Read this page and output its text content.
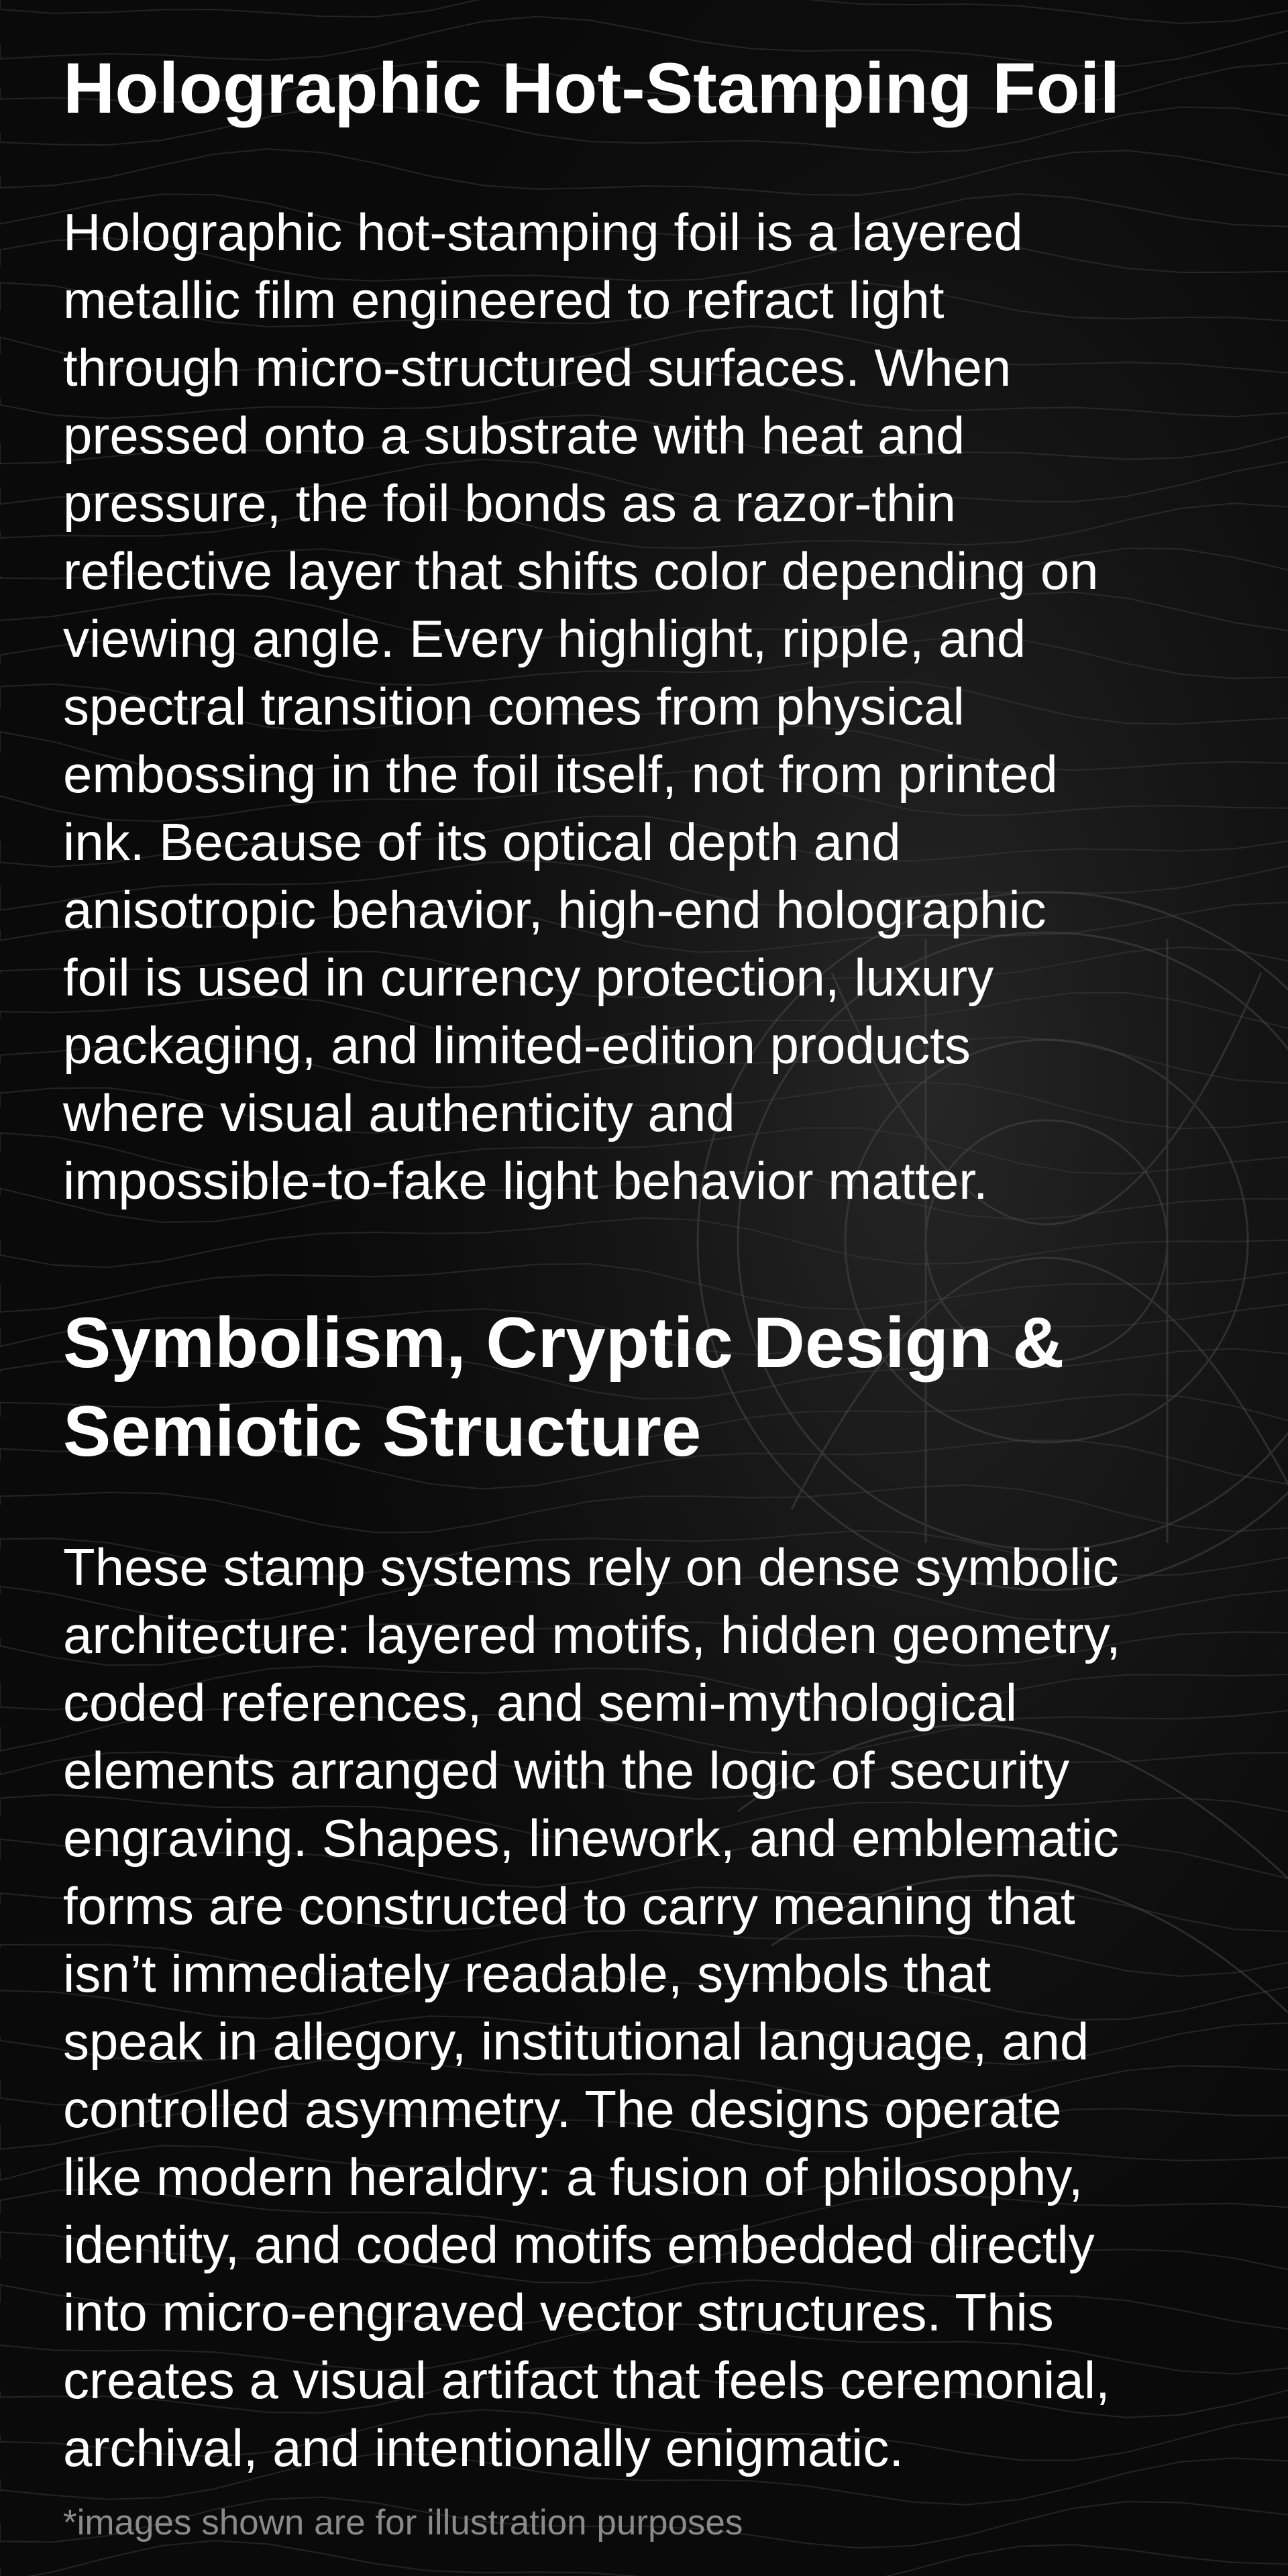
Holographic Hot-Stamping Foil

Holographic hot-stamping foil is a layered
metallic film engineered to refract light
through micro-structured surfaces. When
pressed onto a substrate with heat and
pressure, the foil bonds as a razor-thin
reflective layer that shifts color depending on
viewing angle. Every highlight, ripple, and
spectral transition comes from physical
embossing in the foil itself, not from printed
ink. Because of its optical depth and
anisotropic behavior, high-end holographic
foil is used in currency protection, luxury
packaging, and limited-edition products
where visual authenticity and
impossible-to-fake light behavior matter.

Symbolism, Cryptic Design &
Semiotic Structure

These stamp systems rely on dense symbolic
architecture: layered motifs, hidden geometry,
coded references, and semi-mythological
elements arranged with the logic of security
engraving. Shapes, linework, and emblematic
forms are constructed to carry meaning that
isn’t immediately readable, symbols that
speak in allegory, institutional language, and
controlled asymmetry. The designs operate
like modern heraldry: a fusion of philosophy,
identity, and coded motifs embedded directly
into micro-engraved vector structures. This
creates a visual artifact that feels ceremonial,
archival, and intentionally enigmatic.

*images shown are for illustration purposes
